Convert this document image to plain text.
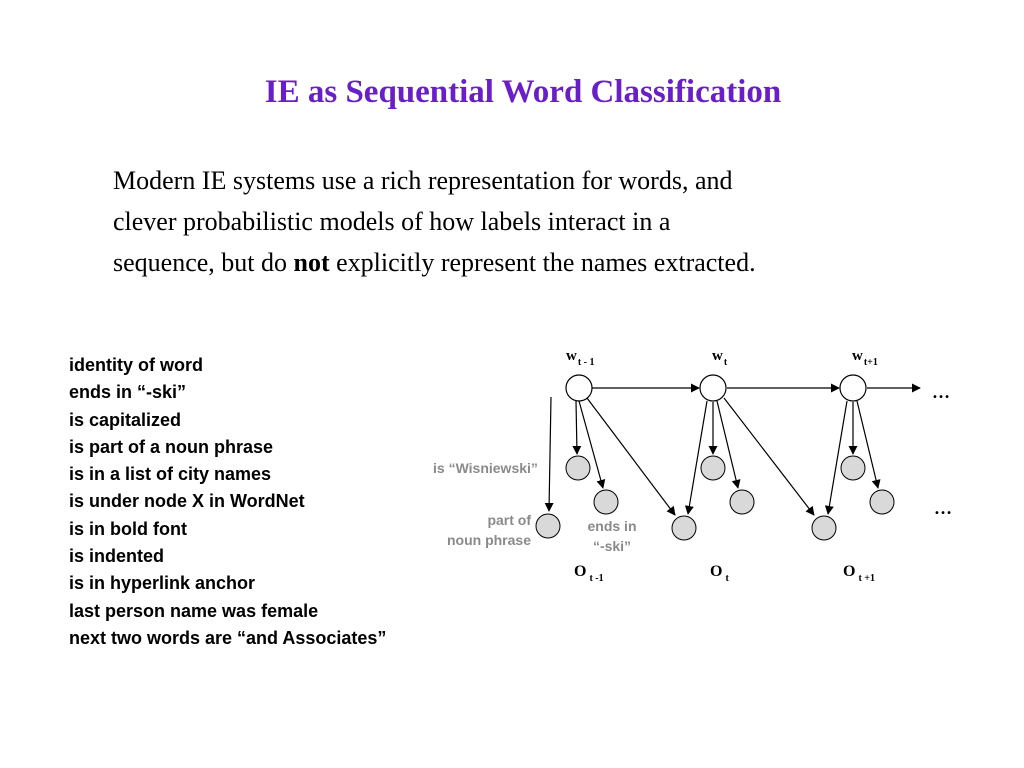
IE as Sequential Word Classification
Modern IE systems use a rich representation for words, and
clever probabilistic models of how labels interact in a
sequence, but do not explicitly represent the names extracted.
identity of word
ends in “-ski”
is capitalized
is part of a noun phrase
is in a list of city names
is under node X in WordNet
is in bold font
is indented
is in hyperlink anchor
last person name was female
next two words are “and Associates”
$w_{t - 1}$	$w_t$	$w_{t+1}$
O $_{t -1}$	O $_t$	O $_{t +1}$
is “Wisniewski”
part of
noun phrase
ends in
“-ski”
…
…
